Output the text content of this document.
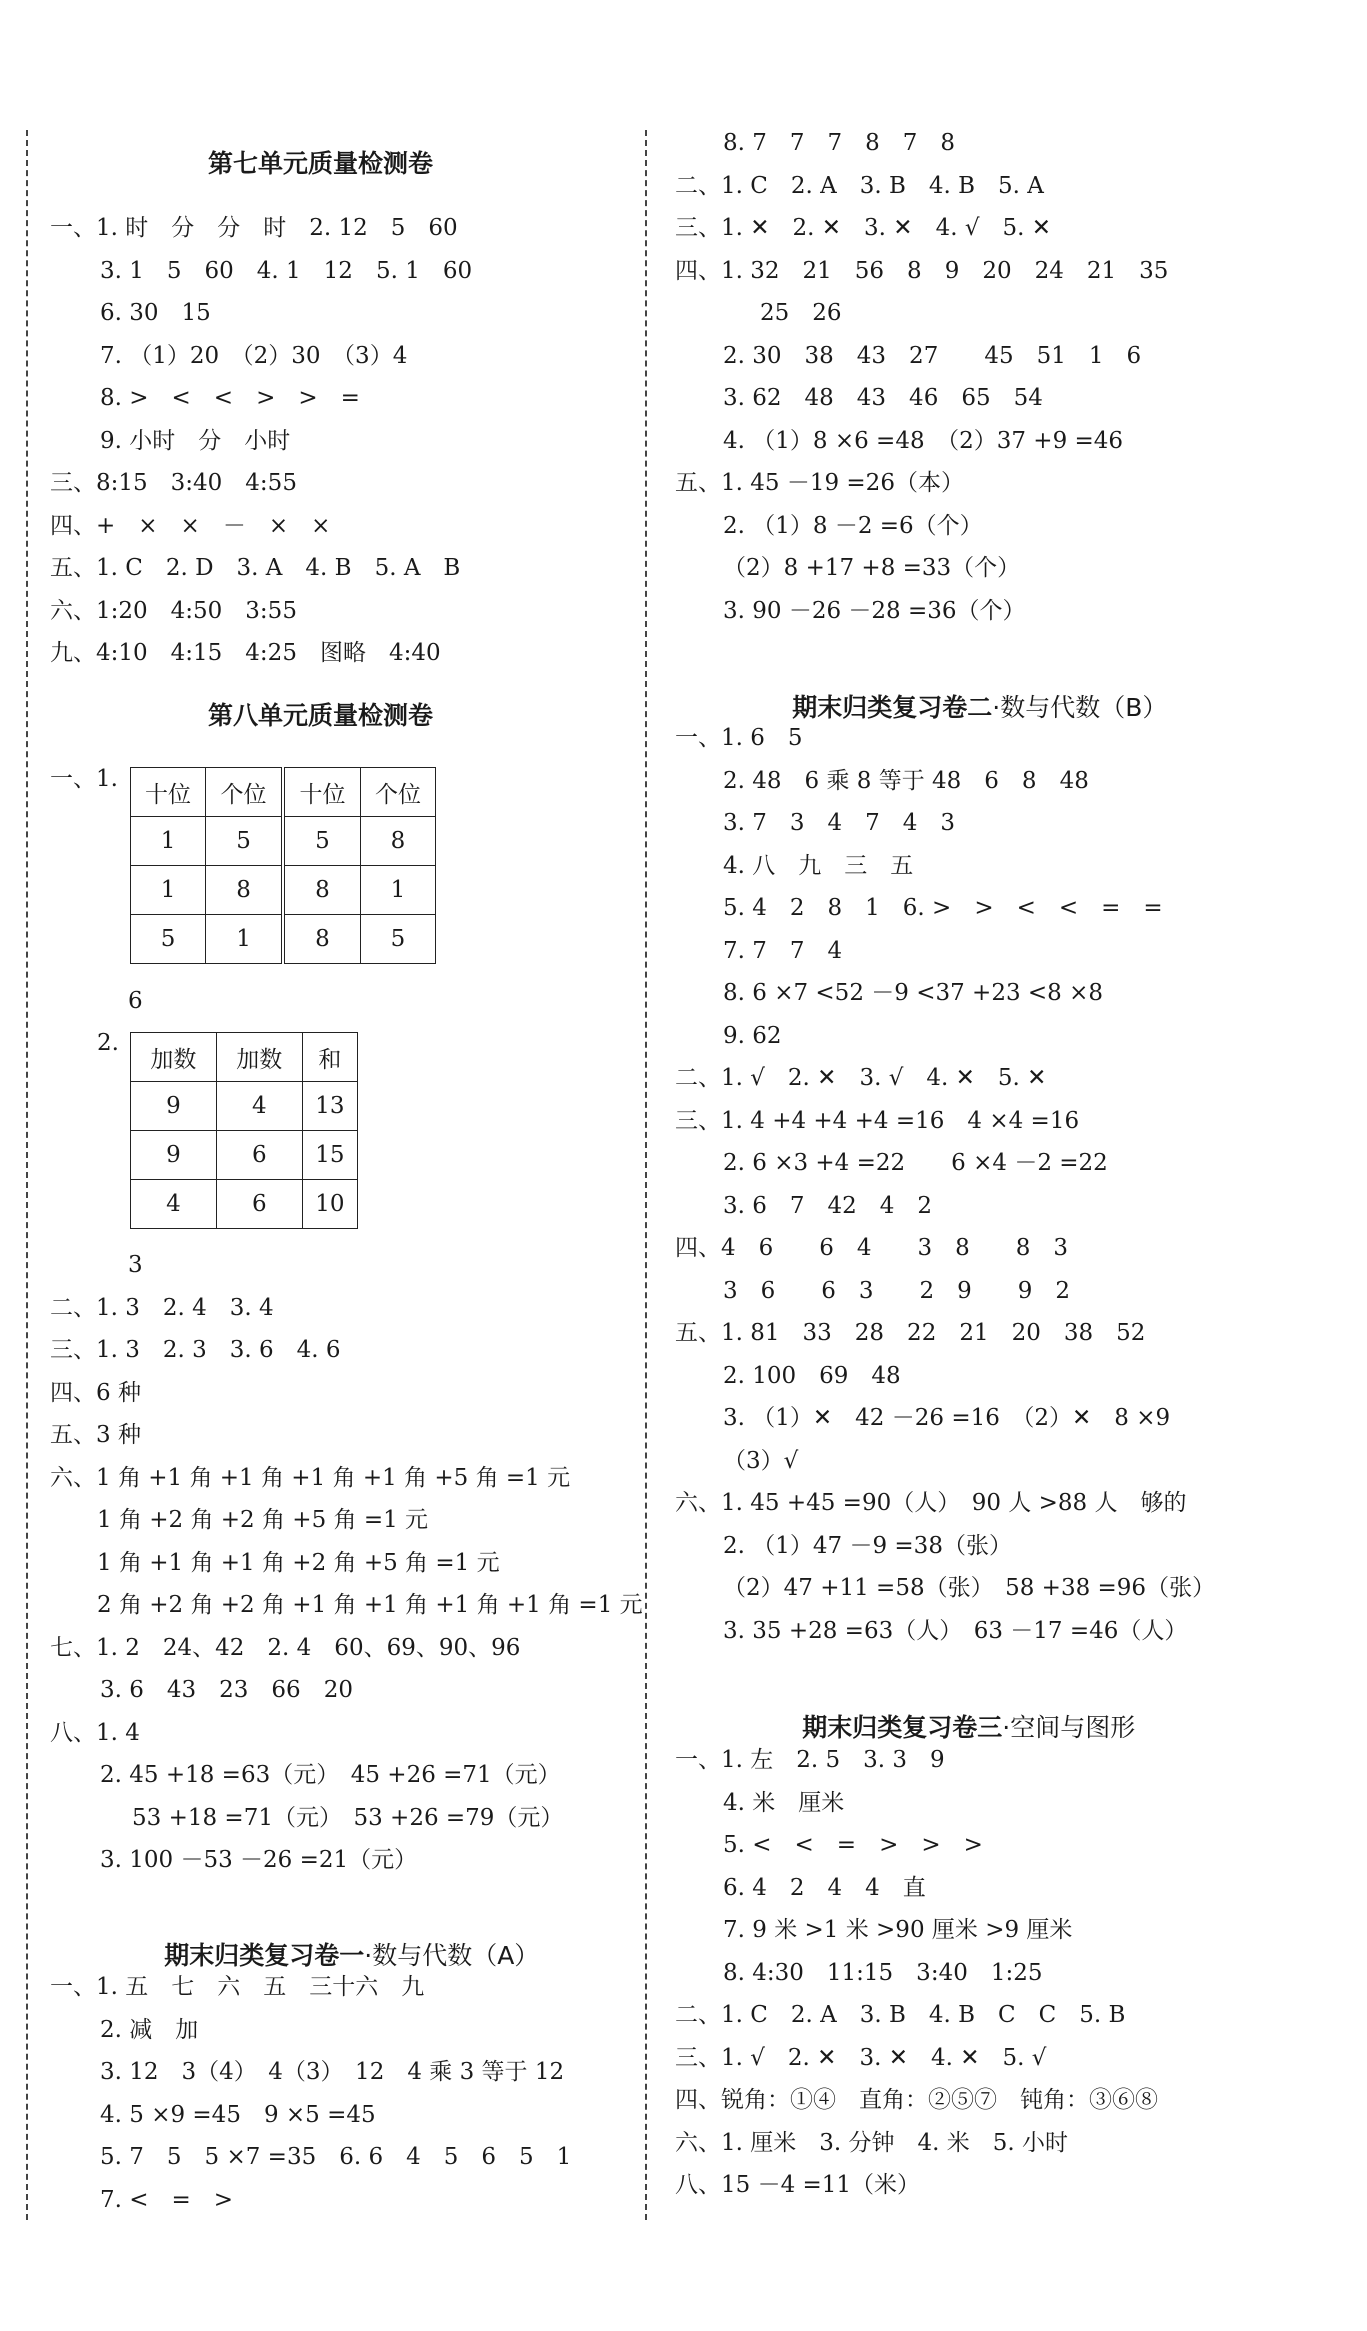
第七单元质量检测卷
一、1. 时　分　分　时　2. 12　5　60
3. 1　5　60　4. 1　12　5. 1　60
6. 30　15
7. （1）20　（2）30　（3）4
8. >　<　<　>　>　=
9. 小时　分　小时
三、8:15　3:40　4:55
四、+　×　×　－　×　×
五、1. C　2. D　3. A　4. B　5. A　B
六、1:20　4:50　3:55
九、4:10　4:15　4:25　图略　4:40
第八单元质量检测卷
一、1.
十位	个位	十位	个位
1	5	5	8
1	8	8	1
5	1	8	5
6
2.
加数	加数	和
9	4	13
9	6	15
4	6	10
3
二、1. 3　2. 4　3. 4
三、1. 3　2. 3　3. 6　4. 6
四、6 种
五、3 种
六、1 角 +1 角 +1 角 +1 角 +1 角 +5 角 =1 元
1 角 +2 角 +2 角 +5 角 =1 元
1 角 +1 角 +1 角 +2 角 +5 角 =1 元
2 角 +2 角 +2 角 +1 角 +1 角 +1 角 +1 角 =1 元
七、1. 2　24、42　2. 4　60、69、90、96
3. 6　43　23　66　20
八、1. 4
2. 45 +18 =63（元）　45 +26 =71（元）
53 +18 =71（元）　53 +26 =79（元）
3. 100 －53 －26 =21（元）

期末归类复习卷一·数与代数（A）

一、1. 五　七　六　五　三十六　九
2. 减　加
3. 12　3（4）　4（3）　12　4 乘 3 等于 12
4. 5 ×9 =45　9 ×5 =45
5. 7　5　5 ×7 =35　6. 6　4　5　6　5　1
7. <　=　>
8. 7　7　7　8　7　8
二、1. C　2. A　3. B　4. B　5. A
三、1. ✕　2. ✕　3. ✕　4. √　5. ✕
四、1. 32　21　56　8　9　20　24　21　35
25　26
2. 30　38　43　27　　45　51　1　6
3. 62　48　43　46　65　54
4. （1）8 ×6 =48　（2）37 +9 =46
五、1. 45 －19 =26（本）
2. （1）8 －2 =6（个）
（2）8 +17 +8 =33（个）
3. 90 －26 －28 =36（个）

期末归类复习卷二·数与代数（B）

一、1. 6　5
2. 48　6 乘 8 等于 48　6　8　48
3. 7　3　4　7　4　3
4. 八　九　三　五
5. 4　2　8　1　6. >　>　<　<　=　=
7. 7　7　4
8. 6 ×7 <52 －9 <37 +23 <8 ×8
9. 62
二、1. √　2. ✕　3. √　4. ✕　5. ✕
三、1. 4 +4 +4 +4 =16　4 ×4 =16
2. 6 ×3 +4 =22　　6 ×4 －2 =22
3. 6　7　42　4　2
四、4　6　　6　4　　3　8　　8　3
3　6　　6　3　　2　9　　9　2
五、1. 81　33　28　22　21　20　38　52
2. 100　69　48
3. （1）✕　42 －26 =16　（2）✕　8 ×9
（3）√
六、1. 45 +45 =90（人）　90 人 >88 人　够的
2. （1）47 －9 =38（张）
（2）47 +11 =58（张）　58 +38 =96（张）
3. 35 +28 =63（人）　63 －17 =46（人）

期末归类复习卷三·空间与图形

一、1. 左　2. 5　3. 3　9
4. 米　厘米
5. <　<　=　>　>　>
6. 4　2　4　4　直
7. 9 米 >1 米 >90 厘米 >9 厘米
8. 4:30　11:15　3:40　1:25
二、1. C　2. A　3. B　4. B　C　C　5. B
三、1. √　2. ✕　3. ✕　4. ✕　5. √
四、锐角：①④　直角：②⑤⑦　钝角：③⑥⑧
六、1. 厘米　3. 分钟　4. 米　5. 小时
八、15 －4 =11（米）
